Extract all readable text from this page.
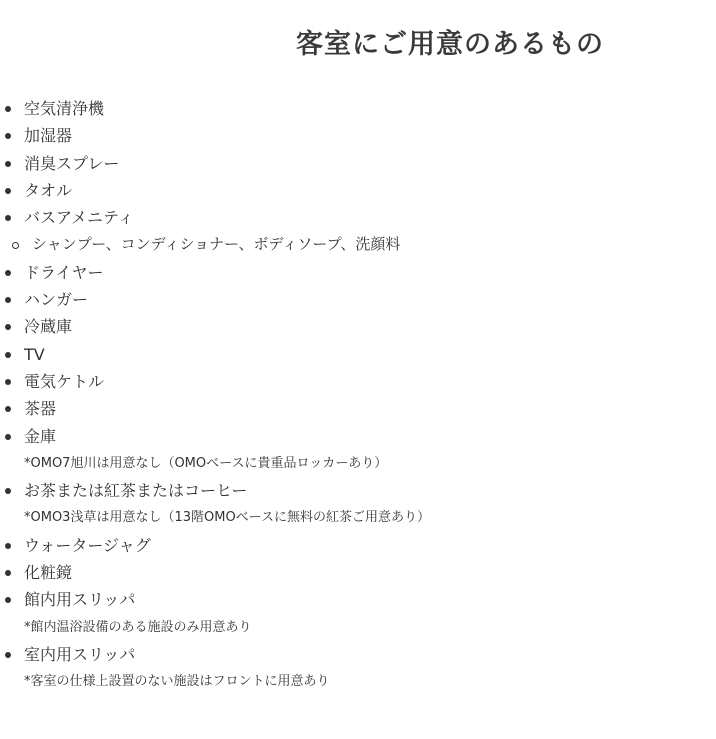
客室にご用意のあるもの
空気清浄機
加湿器
消臭スプレー
タオル
バスアメニティ
シャンプー、コンディショナー、ボディソープ、洗顔料
ドライヤー
ハンガー
冷蔵庫
TV
電気ケトル
茶器
金庫
*OMO7旭川は用意なし（OMOベースに貴重品ロッカーあり）
お茶または紅茶またはコーヒー
*OMO3浅草は用意なし（13階OMOベースに無料の紅茶ご用意あり）
ウォータージャグ
化粧鏡
館内用スリッパ
*館内温浴設備のある施設のみ用意あり
室内用スリッパ
*客室の仕様上設置のない施設はフロントに用意あり
